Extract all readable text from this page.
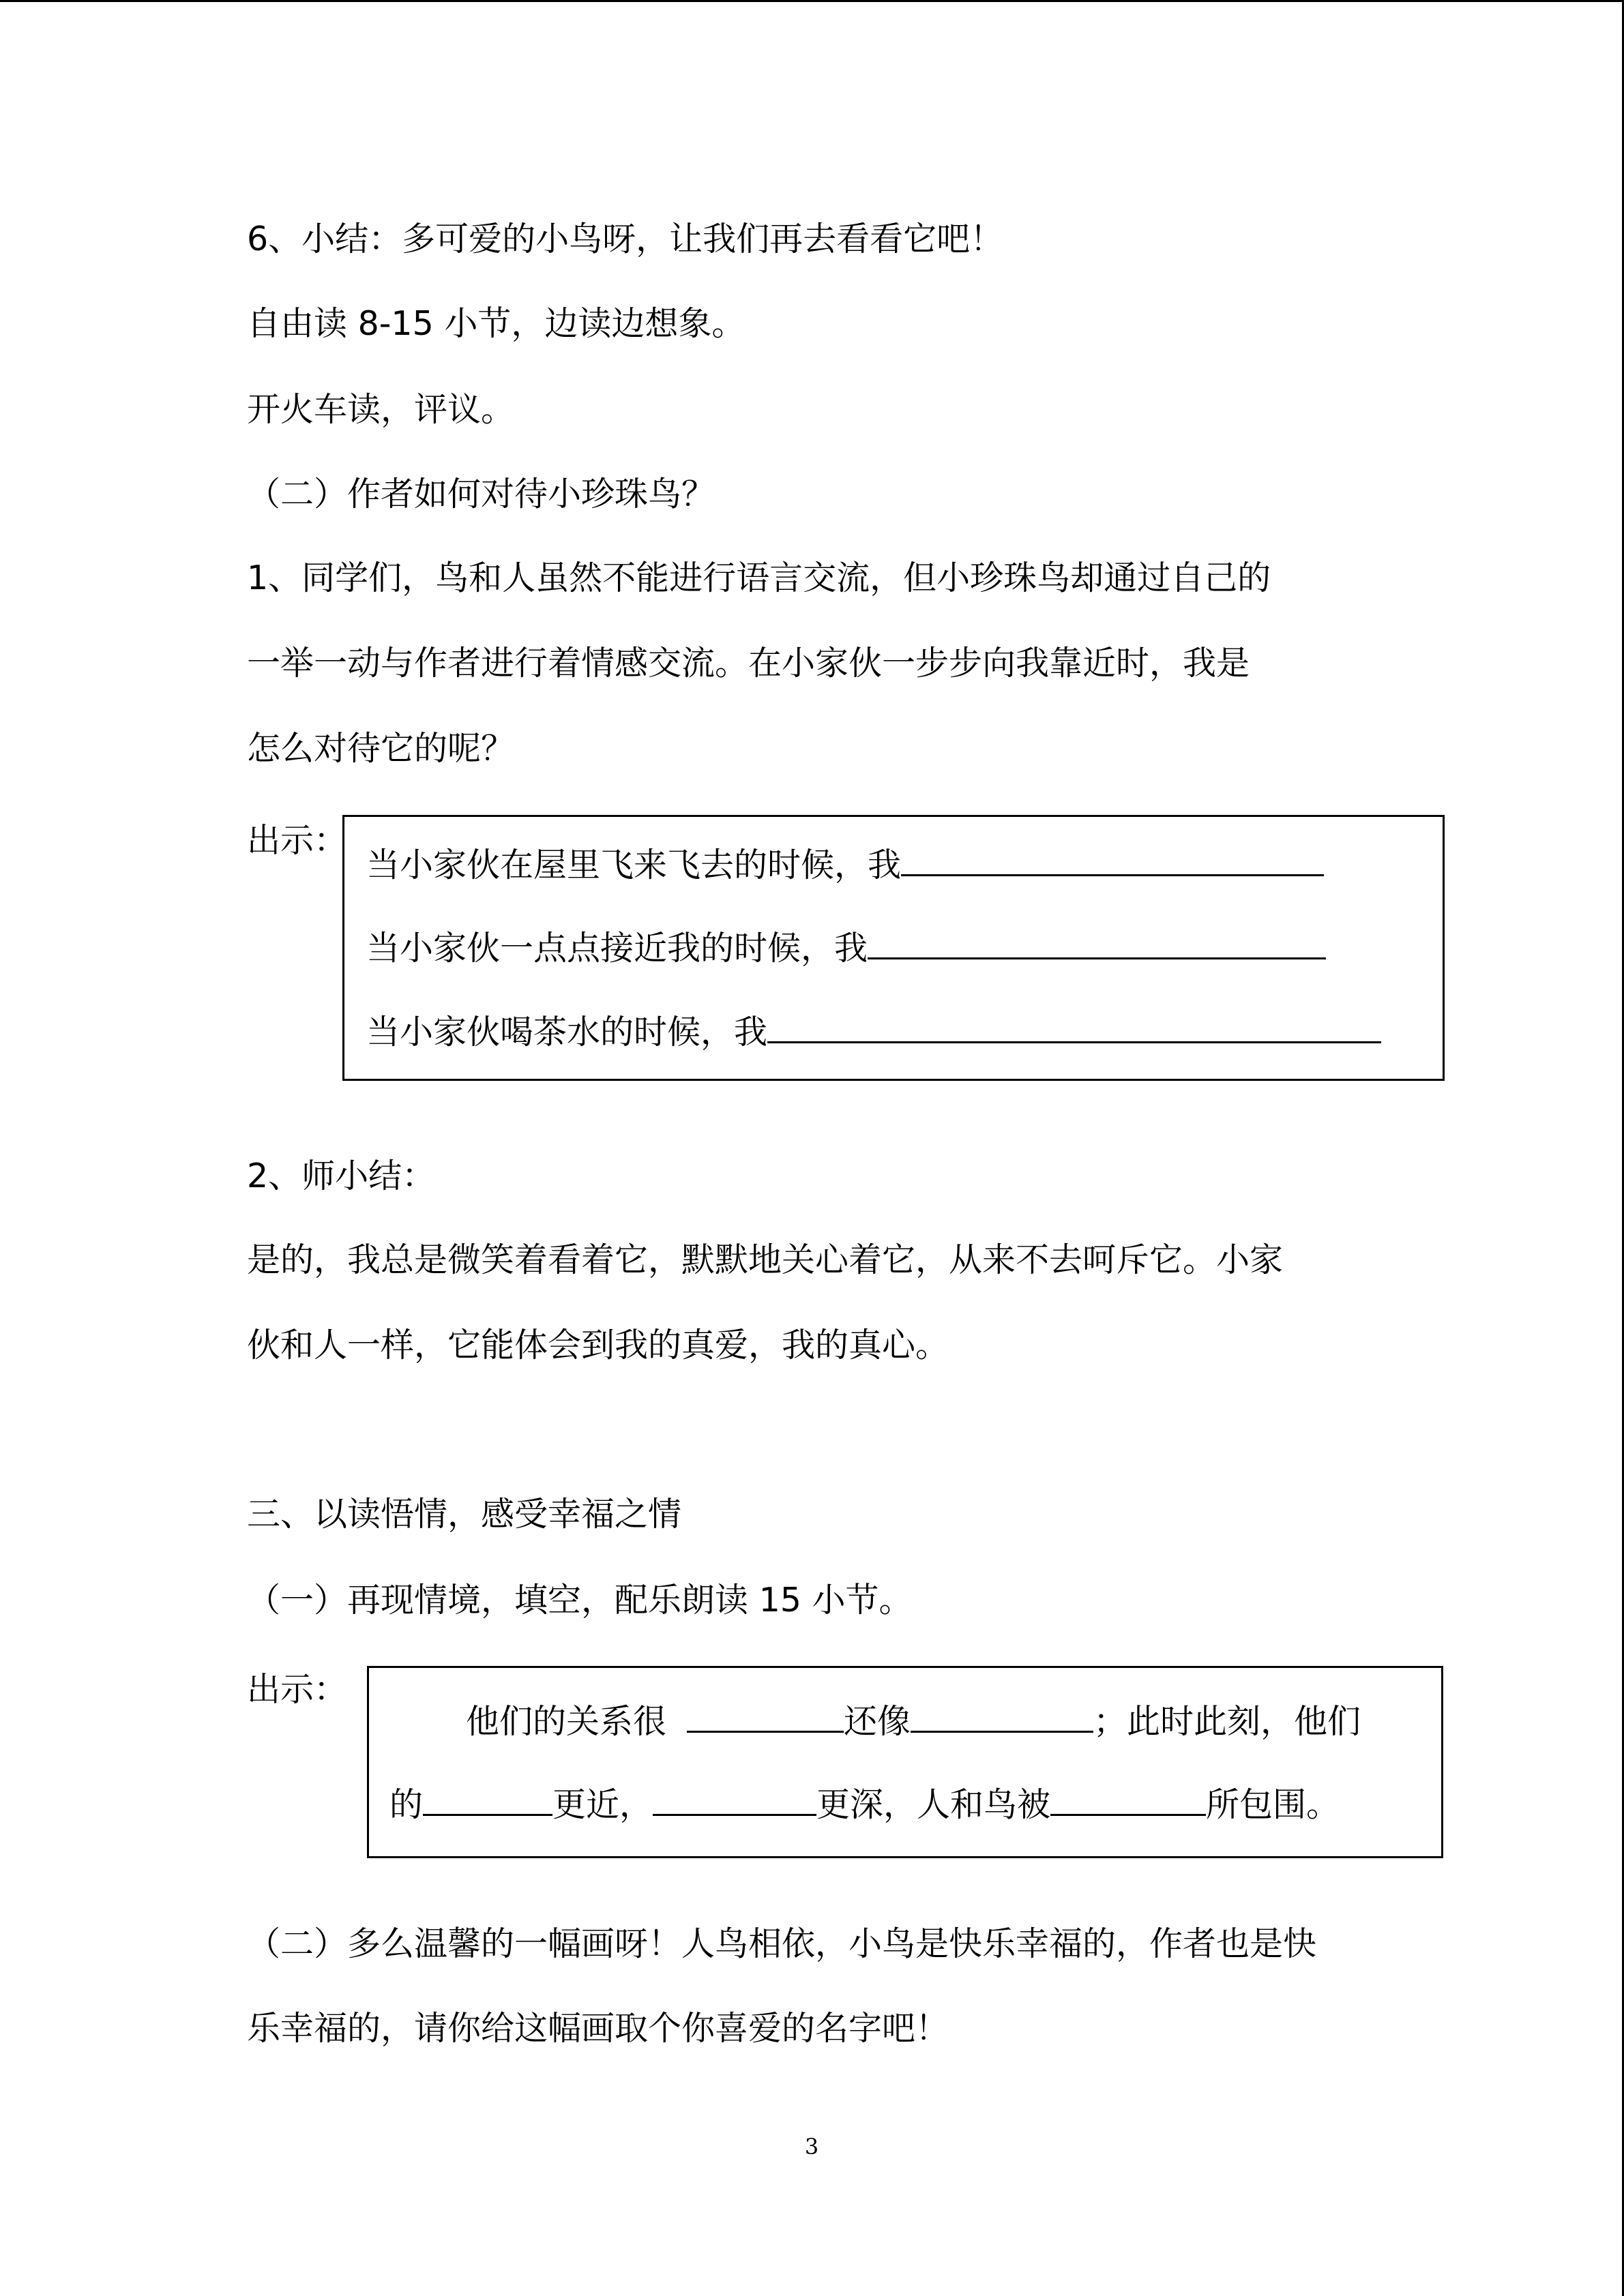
6、小结：多可爱的小鸟呀，让我们再去看看它吧！
自由读 8-15 小节，边读边想象。
开火车读，评议。
（二）作者如何对待小珍珠鸟？
1、同学们，鸟和人虽然不能进行语言交流，但小珍珠鸟却通过自己的
一举一动与作者进行着情感交流。在小家伙一步步向我靠近时，我是
怎么对待它的呢？
出示：
当小家伙在屋里飞来飞去的时候，我
当小家伙一点点接近我的时候，我
当小家伙喝茶水的时候，我
2、师小结：
是的，我总是微笑着看着它，默默地关心着它，从来不去呵斥它。小家
伙和人一样，它能体会到我的真爱，我的真心。
三、以读悟情，感受幸福之情
（一）再现情境，填空，配乐朗读 15 小节。
出示：
他们的关系很	还像	；此时此刻，他们
的	更近，	更深，人和鸟被	所包围。
（二）多么温馨的一幅画呀！人鸟相依，小鸟是快乐幸福的，作者也是快
乐幸福的，请你给这幅画取个你喜爱的名字吧！
3
